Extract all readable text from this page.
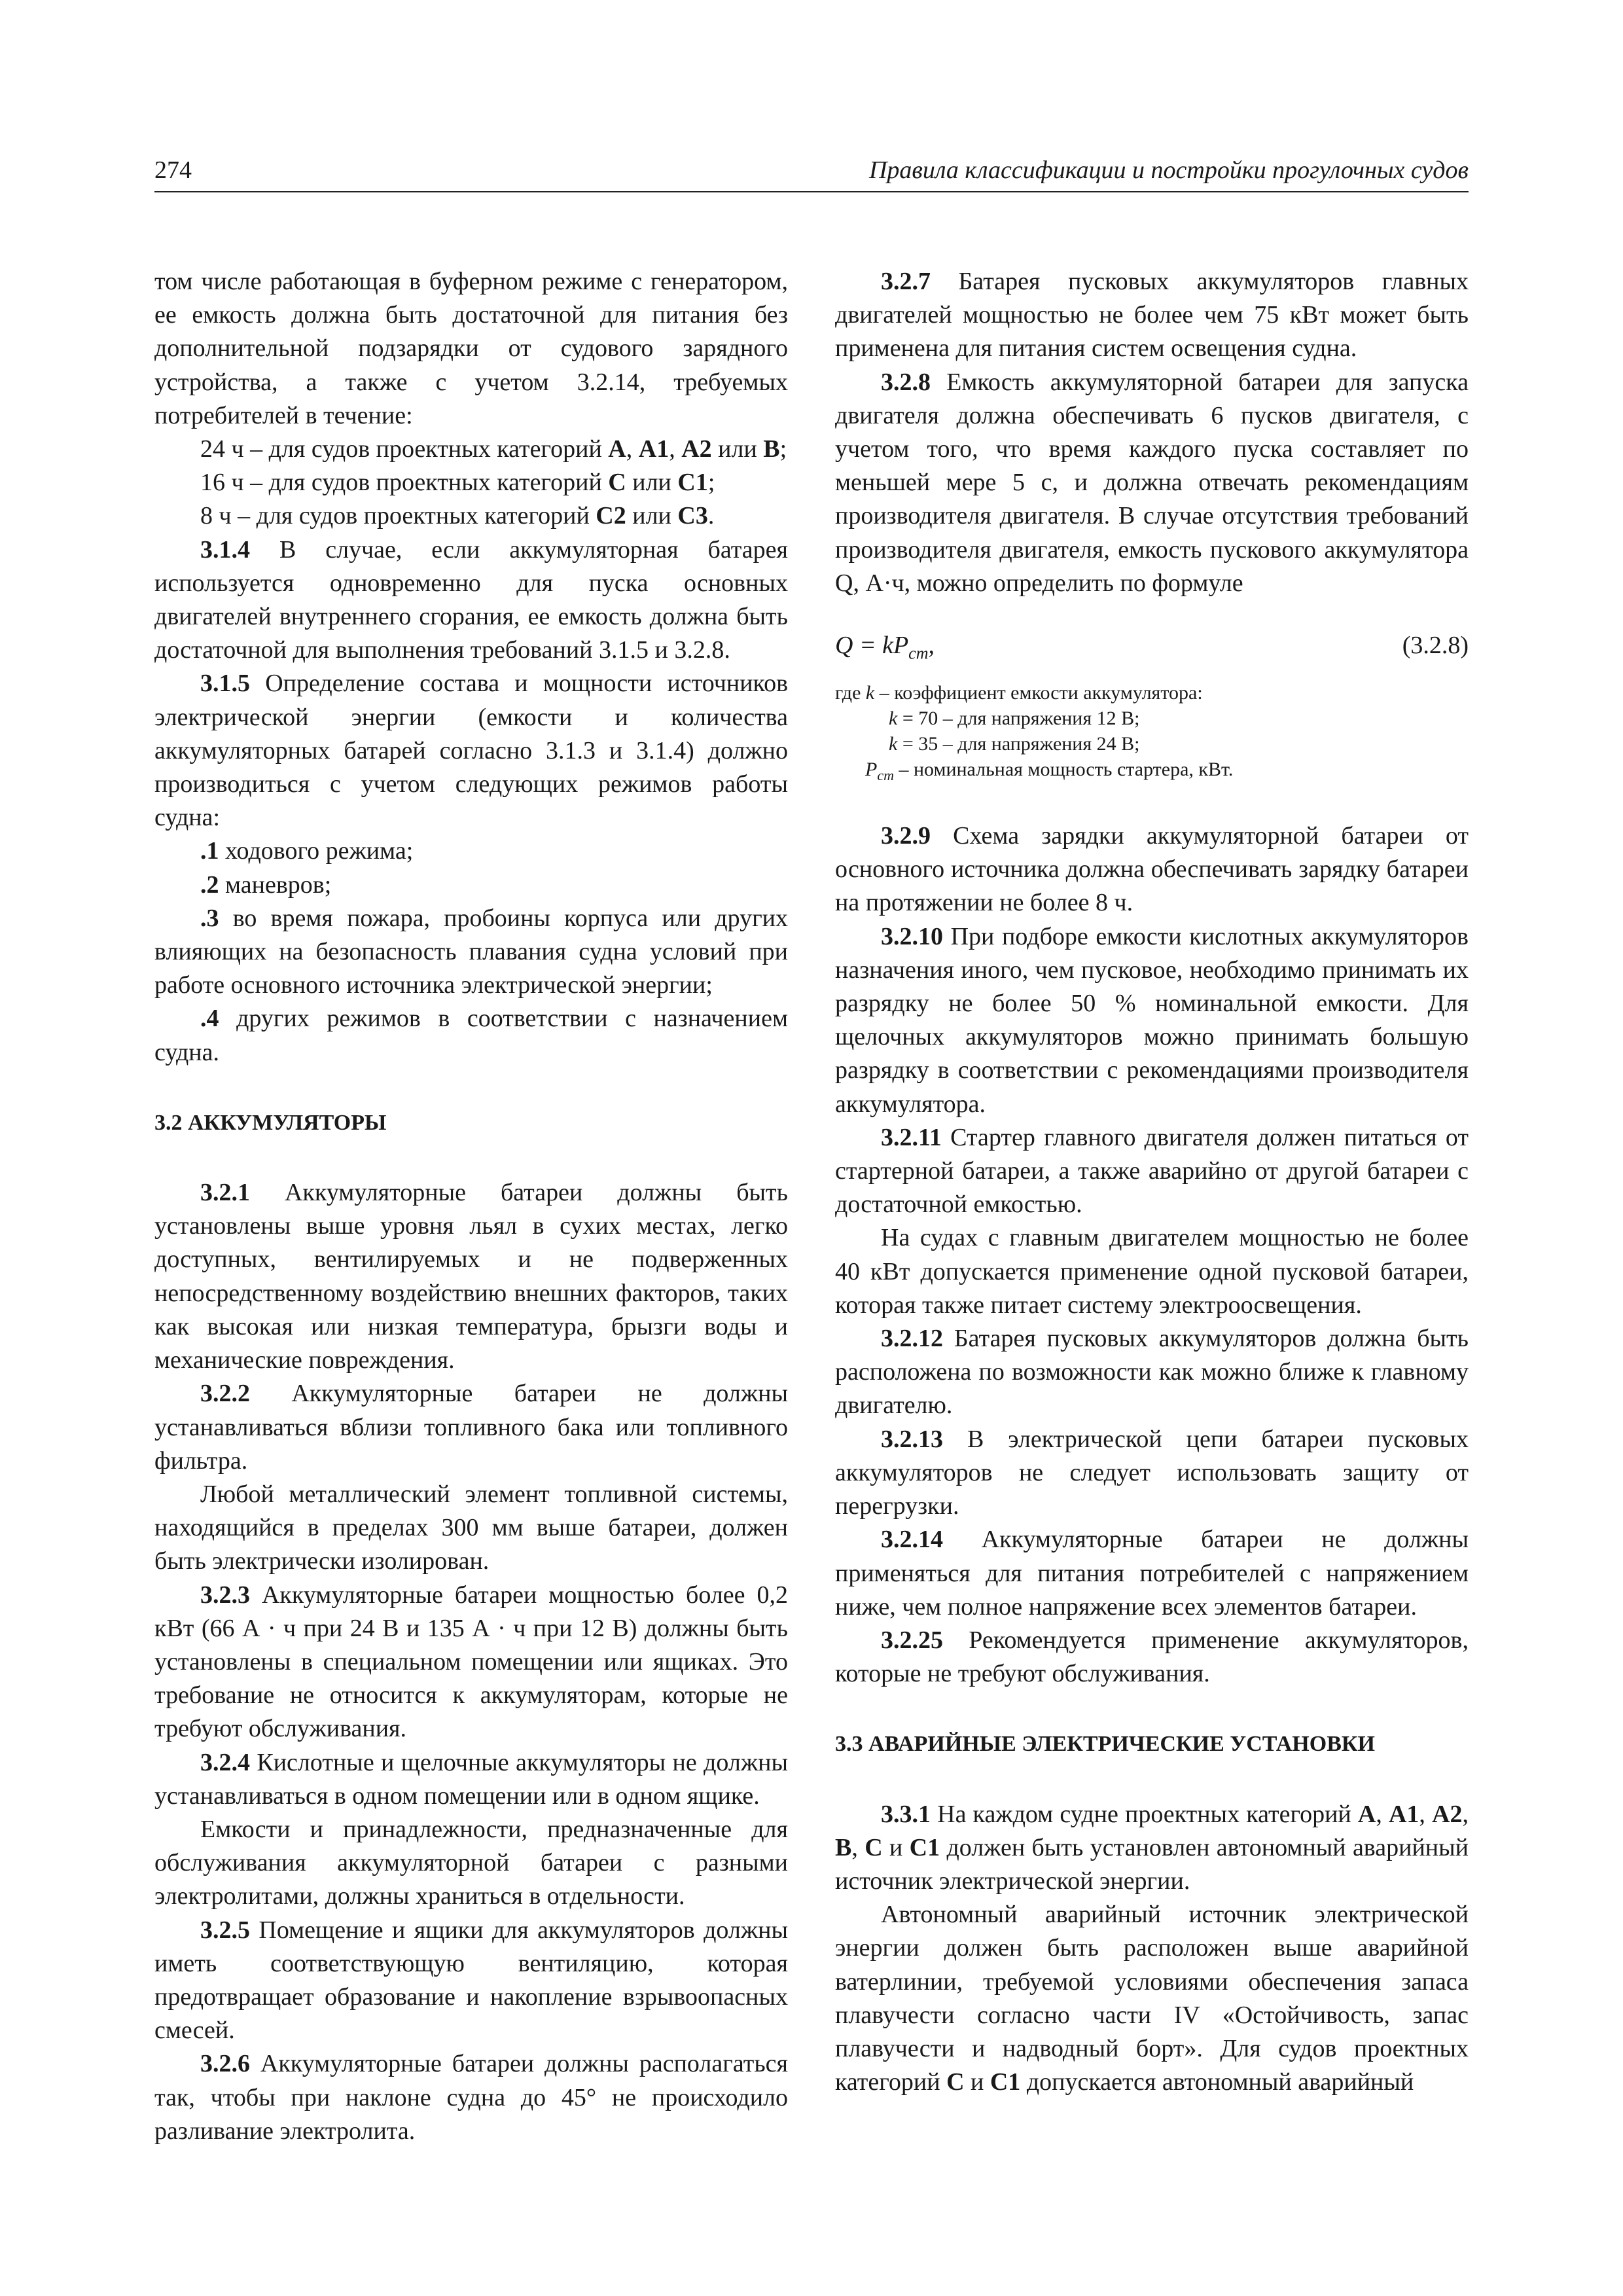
274	Правила классификации и постройки прогулочных судов

том числе работающая в буферном режиме с генератором, ее емкость должна быть достаточной для питания без дополнительной подзарядки от судового зарядного устройства, а также с учетом 3.2.14, требуемых потребителей в течение:

24 ч – для судов проектных категорий A, A1, A2 или B;

16 ч – для судов проектных категорий C или C1;

8 ч – для судов проектных категорий C2 или C3.

3.1.4 В случае, если аккумуляторная батарея используется одновременно для пуска основных двигателей внутреннего сгорания, ее емкость должна быть достаточной для выполнения требований 3.1.5 и 3.2.8.

3.1.5 Определение состава и мощности источников электрической энергии (емкости и количества аккумуляторных батарей согласно 3.1.3 и 3.1.4) должно производиться с учетом следующих режимов работы судна:

.1 ходового режима;

.2 маневров;

.3 во время пожара, пробоины корпуса или других влияющих на безопасность плавания судна условий при работе основного источника электрической энергии;

.4 других режимов в соответствии с назначением судна.

3.2 АККУМУЛЯТОРЫ

3.2.1 Аккумуляторные батареи должны быть установлены выше уровня льял в сухих местах, легко доступных, вентилируемых и не подверженных непосредственному воздействию внешних факторов, таких как высокая или низкая температура, брызги воды и механические повреждения.

3.2.2 Аккумуляторные батареи не должны устанавливаться вблизи топливного бака или топливного фильтра.

Любой металлический элемент топливной системы, находящийся в пределах 300 мм выше батареи, должен быть электрически изолирован.

3.2.3 Аккумуляторные батареи мощностью более 0,2 кВт (66 А · ч при 24 В и 135 А · ч при 12 В) должны быть установлены в специальном помещении или ящиках. Это требование не относится к аккумуляторам, которые не требуют обслуживания.

3.2.4 Кислотные и щелочные аккумуляторы не должны устанавливаться в одном помещении или в одном ящике.

Емкости и принадлежности, предназначенные для обслуживания аккумуляторной батареи с разными электролитами, должны храниться в отдельности.

3.2.5 Помещение и ящики для аккумуляторов должны иметь соответствующую вентиляцию, которая предотвращает образование и накопление взрывоопасных смесей.

3.2.6 Аккумуляторные батареи должны располагаться так, чтобы при наклоне судна до 45° не происходило разливание электролита.

3.2.7 Батарея пусковых аккумуляторов главных двигателей мощностью не более чем 75 кВт может быть применена для питания систем освещения судна.

3.2.8 Емкость аккумуляторной батареи для запуска двигателя должна обеспечивать 6 пусков двигателя, с учетом того, что время каждого пуска составляет по меньшей мере 5 с, и должна отвечать рекомендациям производителя двигателя. В случае отсутствия требований производителя двигателя, емкость пускового аккумулятора Q, А·ч, можно определить по формуле

$Q = kP_{ст}$,	(3.2.8)
где k – коэффициент емкости аккумулятора:
k = 70 – для напряжения 12 В;
k = 35 – для напряжения 24 В;
$P_{ст}$ – номинальная мощность стартера, кВт.

3.2.9 Схема зарядки аккумуляторной батареи от основного источника должна обеспечивать зарядку батареи на протяжении не более 8 ч.

3.2.10 При подборе емкости кислотных аккумуляторов назначения иного, чем пусковое, необходимо принимать их разрядку не более 50 % номинальной емкости. Для щелочных аккумуляторов можно принимать большую разрядку в соответствии с рекомендациями производителя аккумулятора.

3.2.11 Стартер главного двигателя должен питаться от стартерной батареи, а также аварийно от другой батареи с достаточной емкостью.

На судах с главным двигателем мощностью не более 40 кВт допускается применение одной пусковой батареи, которая также питает систему электроосвещения.

3.2.12 Батарея пусковых аккумуляторов должна быть расположена по возможности как можно ближе к главному двигателю.

3.2.13 В электрической цепи батареи пусковых аккумуляторов не следует использовать защиту от перегрузки.

3.2.14 Аккумуляторные батареи не должны применяться для питания потребителей с напряжением ниже, чем полное напряжение всех элементов батареи.

3.2.25 Рекомендуется применение аккумуляторов, которые не требуют обслуживания.

3.3 АВАРИЙНЫЕ ЭЛЕКТРИЧЕСКИЕ УСТАНОВКИ

3.3.1 На каждом судне проектных категорий A, A1, A2, B, C и C1 должен быть установлен автономный аварийный источник электрической энергии.

Автономный аварийный источник электрической энергии должен быть расположен выше аварийной ватерлинии, требуемой условиями обеспечения запаса плавучести согласно части IV «Остойчивость, запас плавучести и надводный борт». Для судов проектных категорий C и C1 допускается автономный аварийный
